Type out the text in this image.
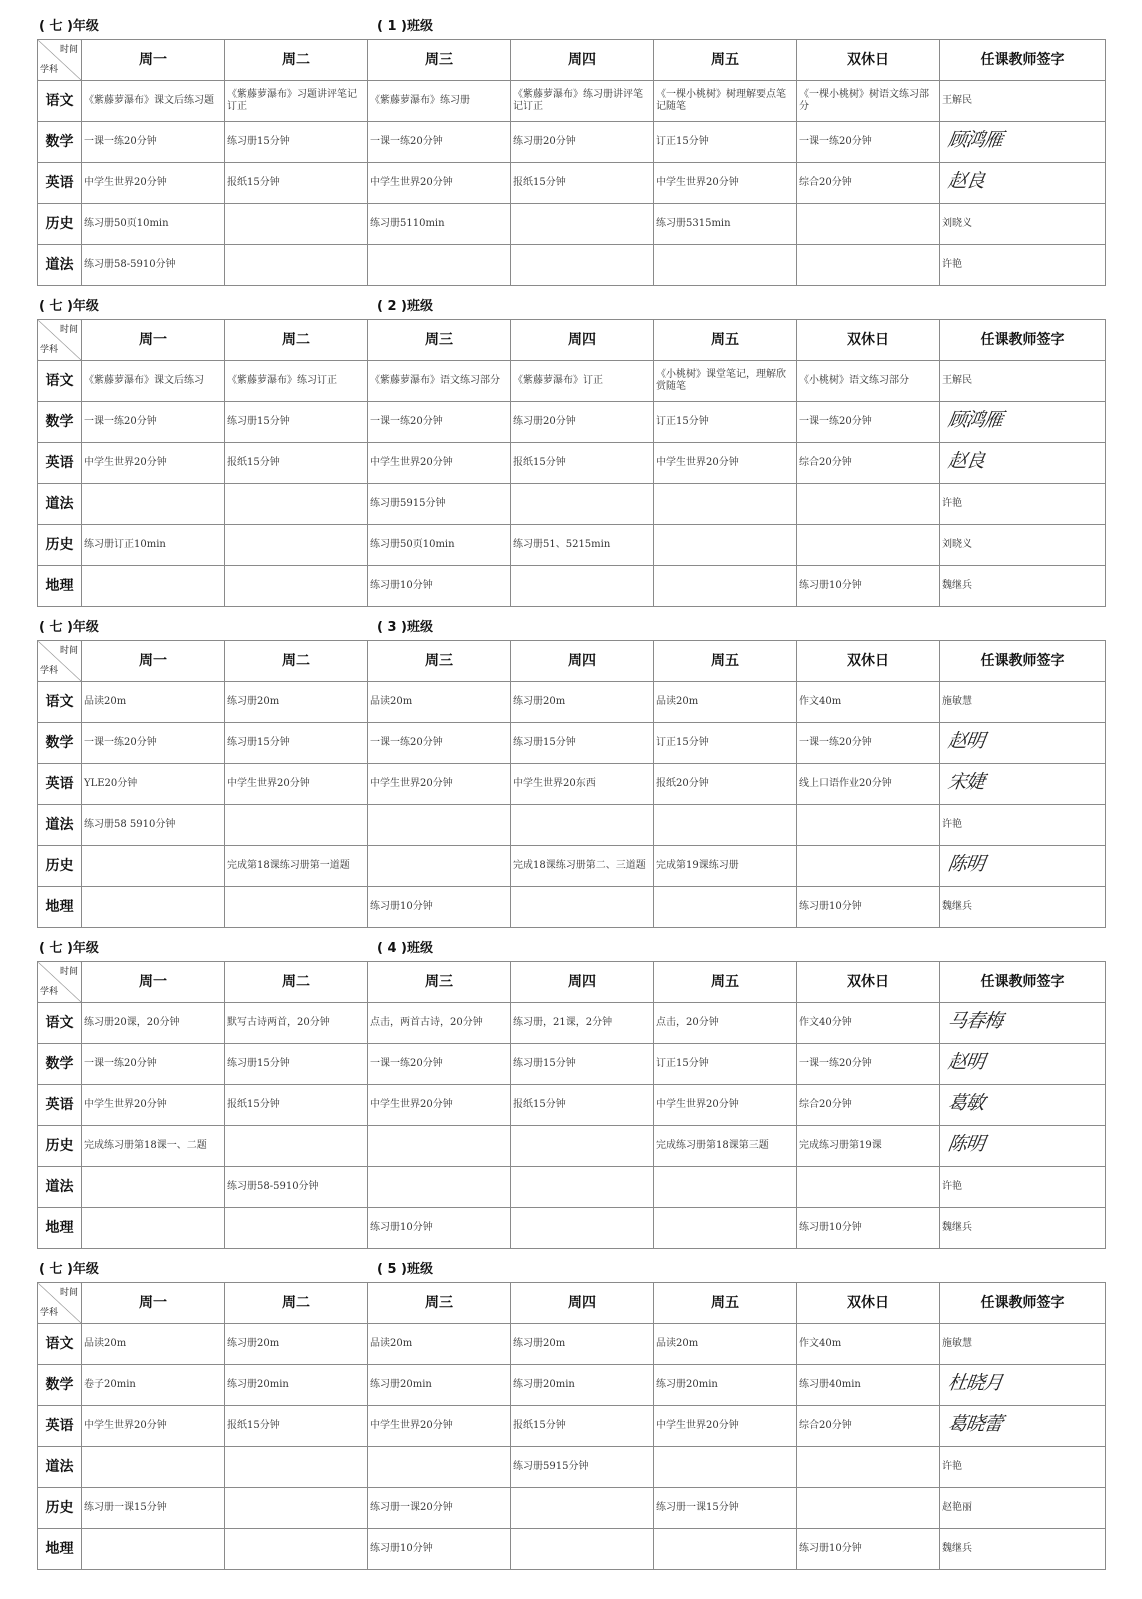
( 七 )年级	( 1 )班级
时间
学科	周一	周二	周三	周四	周五	双休日	任课教师签字
语文	《紫藤萝瀑布》课文后练习题	《紫藤萝瀑布》习题讲评笔记订正	《紫藤萝瀑布》练习册	《紫藤萝瀑布》练习册讲评笔记订正	《一棵小桃树》树理解要点笔记随笔	《一棵小桃树》树语文练习部分	王解民
数学	一课一练20分钟	练习册15分钟	一课一练20分钟	练习册20分钟	订正15分钟	一课一练20分钟	顾鸿雁
英语	中学生世界20分钟	报纸15分钟	中学生世界20分钟	报纸15分钟	中学生世界20分钟	综合20分钟	赵良
历史	练习册50页10min		练习册5110min		练习册5315min		刘晓义
道法	练习册58-5910分钟						许艳
( 七 )年级	( 2 )班级
时间
学科	周一	周二	周三	周四	周五	双休日	任课教师签字
语文	《紫藤萝瀑布》课文后练习	《紫藤萝瀑布》练习订正	《紫藤萝瀑布》语文练习部分	《紫藤萝瀑布》订正	《小桃树》课堂笔记，理解欣赏随笔	《小桃树》语文练习部分	王解民
数学	一课一练20分钟	练习册15分钟	一课一练20分钟	练习册20分钟	订正15分钟	一课一练20分钟	顾鸿雁
英语	中学生世界20分钟	报纸15分钟	中学生世界20分钟	报纸15分钟	中学生世界20分钟	综合20分钟	赵良
道法			练习册5915分钟				许艳
历史	练习册订正10min		练习册50页10min	练习册51、5215min			刘晓义
地理			练习册10分钟			练习册10分钟	魏继兵
( 七 )年级	( 3 )班级
时间
学科	周一	周二	周三	周四	周五	双休日	任课教师签字
语文	品读20m	练习册20m	品读20m	练习册20m	品读20m	作文40m	施敏慧
数学	一课一练20分钟	练习册15分钟	一课一练20分钟	练习册15分钟	订正15分钟	一课一练20分钟	赵明
英语	YLE20分钟	中学生世界20分钟	中学生世界20分钟	中学生世界20东西	报纸20分钟	线上口语作业20分钟	宋婕
道法	练习册58 5910分钟						许艳
历史		完成第18课练习册第一道题		完成18课练习册第二、三道题	完成第19课练习册		陈明
地理			练习册10分钟			练习册10分钟	魏继兵
( 七 )年级	( 4 )班级
时间
学科	周一	周二	周三	周四	周五	双休日	任课教师签字
语文	练习册20课，20分钟	默写古诗两首，20分钟	点击，两首古诗，20分钟	练习册，21课，2分钟	点击，20分钟	作文40分钟	马春梅
数学	一课一练20分钟	练习册15分钟	一课一练20分钟	练习册15分钟	订正15分钟	一课一练20分钟	赵明
英语	中学生世界20分钟	报纸15分钟	中学生世界20分钟	报纸15分钟	中学生世界20分钟	综合20分钟	葛敏
历史	完成练习册第18课一、二题				完成练习册第18课第三题	完成练习册第19课	陈明
道法		练习册58-5910分钟					许艳
地理			练习册10分钟			练习册10分钟	魏继兵
( 七 )年级	( 5 )班级
时间
学科	周一	周二	周三	周四	周五	双休日	任课教师签字
语文	品读20m	练习册20m	品读20m	练习册20m	品读20m	作文40m	施敏慧
数学	卷子20min	练习册20min	练习册20min	练习册20min	练习册20min	练习册40min	杜晓月
英语	中学生世界20分钟	报纸15分钟	中学生世界20分钟	报纸15分钟	中学生世界20分钟	综合20分钟	葛晓蕾
道法				练习册5915分钟			许艳
历史	练习册一课15分钟		练习册一课20分钟		练习册一课15分钟		赵艳丽
地理			练习册10分钟			练习册10分钟	魏继兵
